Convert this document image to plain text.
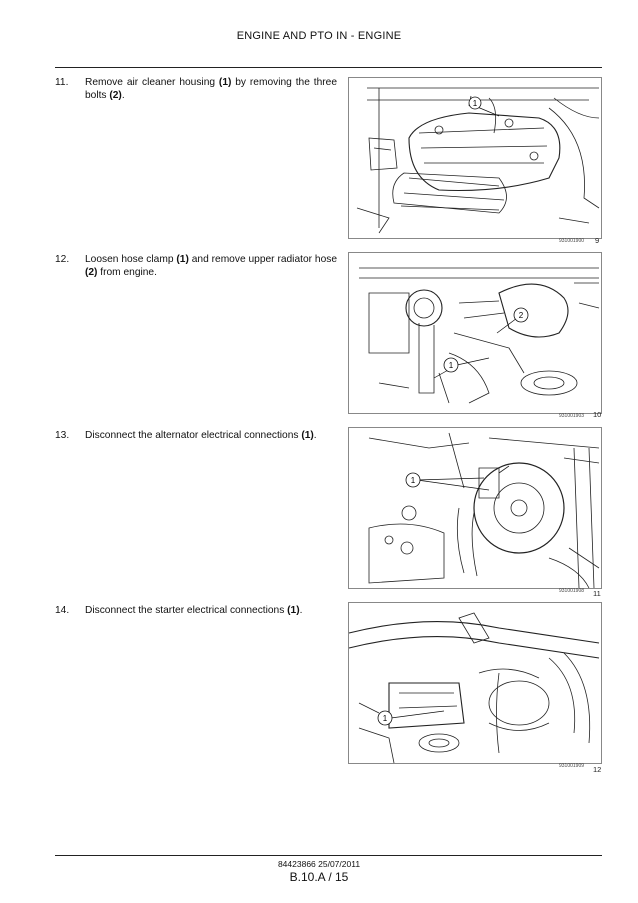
ENGINE AND PTO IN - ENGINE
11. Remove air cleaner housing (1) by removing the three bolts (2).
1
931001900 9
12. Loosen hose clamp (1) and remove upper radiator hose (2) from engine.
2
1
931001903 10
13. Disconnect the alternator electrical connections (1).
1
931001908 11
14. Disconnect the starter electrical connections (1).
1
931001909 12
84423866 25/07/2011
B.10.A / 15
